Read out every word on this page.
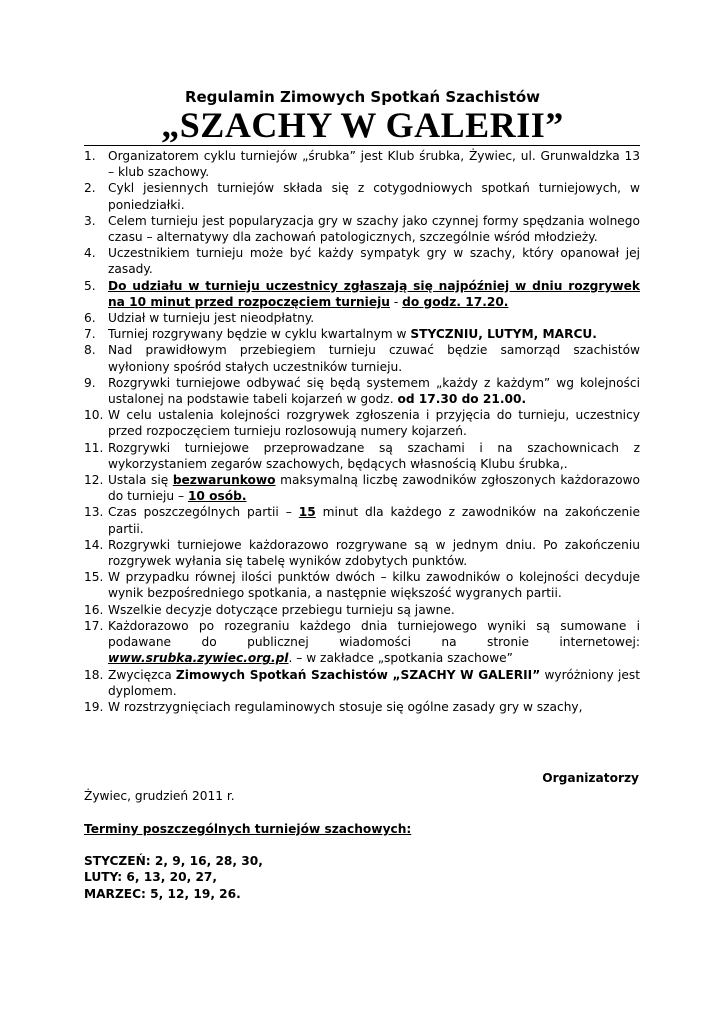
Regulamin Zimowych Spotkań Szachistów
„SZACHY W GALERII”
1.	Organizatorem cyklu turniejów „śrubka” jest Klub śrubka, Żywiec, ul. Grunwaldzka 13 – klub szachowy.
2.	Cykl jesiennych turniejów składa się z cotygodniowych spotkań turniejowych, w poniedziałki.
3.	Celem turnieju jest popularyzacja gry w szachy jako czynnej formy spędzania wolnego czasu – alternatywy dla zachowań patologicznych, szczególnie wśród młodzieży.
4.	Uczestnikiem turnieju może być każdy sympatyk gry w szachy, który opanował jej zasady.
5.	Do udziału w turnieju uczestnicy zgłaszają się najpóźniej w dniu rozgrywek na 10 minut przed rozpoczęciem turnieju - do godz. 17.20.
6.	Udział w turnieju jest nieodpłatny.
7.	Turniej rozgrywany będzie w cyklu kwartalnym w STYCZNIU, LUTYM, MARCU.
8.	Nad prawidłowym przebiegiem turnieju czuwać będzie samorząd szachistów wyłoniony spośród stałych uczestników turnieju.
9.	Rozgrywki turniejowe odbywać się będą systemem „każdy z każdym” wg kolejności ustalonej na podstawie tabeli kojarzeń w godz. od 17.30 do 21.00.
10. W celu ustalenia kolejności rozgrywek zgłoszenia i przyjęcia do turnieju, uczestnicy przed rozpoczęciem turnieju rozlosowują numery kojarzeń.
11. Rozgrywki turniejowe przeprowadzane są szachami i na szachownicach z wykorzystaniem zegarów szachowych, będących własnością Klubu śrubka,.
12. Ustala się bezwarunkowo maksymalną liczbę zawodników zgłoszonych każdorazowo do turnieju – 10 osób.
13. Czas poszczególnych partii – 15 minut dla każdego z zawodników na zakończenie partii.
14. Rozgrywki turniejowe każdorazowo rozgrywane są w jednym dniu. Po zakończeniu rozgrywek wyłania się tabelę wyników zdobytych punktów.
15. W przypadku równej ilości punktów dwóch – kilku zawodników o kolejności decyduje wynik bezpośredniego spotkania, a następnie większość wygranych partii.
16. Wszelkie decyzje dotyczące przebiegu turnieju są jawne.
17. Każdorazowo po rozegraniu każdego dnia turniejowego wyniki są sumowane i podawane do publicznej wiadomości na stronie internetowej: www.srubka.zywiec.org.pl. – w zakładce „spotkania szachowe”
18. Zwycięzca Zimowych Spotkań Szachistów „SZACHY W GALERII” wyróżniony jest dyplomem.
19. W rozstrzygnięciach regulaminowych stosuje się ogólne zasady gry w szachy,
Organizatorzy
Żywiec, grudzień 2011 r.
Terminy poszczególnych turniejów szachowych:
STYCZEŃ: 2, 9, 16, 28, 30,
LUTY: 6, 13, 20, 27,
MARZEC: 5, 12, 19, 26.
